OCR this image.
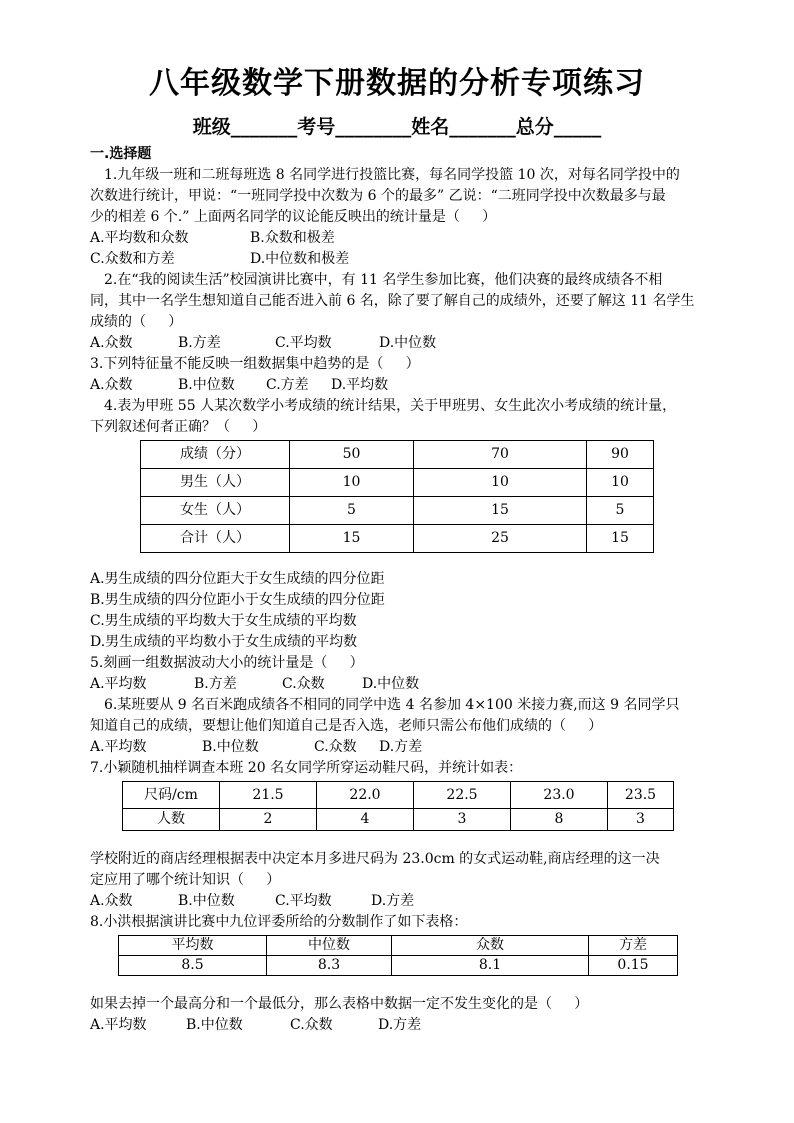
八年级数学下册数据的分析专项练习
班级_______考号________姓名_______总分_____
一.选择题
1.九年级一班和二班每班选 8 名同学进行投篮比赛，每名同学投篮 10 次，对每名同学投中的
次数进行统计，甲说：“一班同学投中次数为 6 个的最多” 乙说：“二班同学投中次数最多与最
少的相差 6 个.” 上面两名同学的议论能反映出的统计量是（     ）
A.平均数和众数	B.众数和极差
C.众数和方差	D.中位数和极差
2.在“我的阅读生活”校园演讲比赛中，有 11 名学生参加比赛，他们决赛的最终成绩各不相
同，其中一名学生想知道自己能否进入前 6 名，除了要了解自己的成绩外，还要了解这 11 名学生
成绩的（     ）
A.众数	B.方差	C.平均数	D.中位数
3.下列特征量不能反映一组数据集中趋势的是（     ）
A.众数	B.中位数	C.方差	D.平均数
4.表为甲班 55 人某次数学小考成绩的统计结果，关于甲班男、女生此次小考成绩的统计量，
下列叙述何者正确？（     ）
成绩（分）	50	70	90
男生（人）	10	10	10
女生（人）	5	15	5
合计（人）	15	25	15
A.男生成绩的四分位距大于女生成绩的四分位距
B.男生成绩的四分位距小于女生成绩的四分位距
C.男生成绩的平均数大于女生成绩的平均数
D.男生成绩的平均数小于女生成绩的平均数
5.刻画一组数据波动大小的统计量是（     ）
A.平均数	B.方差	C.众数	D.中位数
6.某班要从 9 名百米跑成绩各不相同的同学中选 4 名参加 4×100 米接力赛,而这 9 名同学只
知道自己的成绩，要想让他们知道自己是否入选，老师只需公布他们成绩的（     ）
A.平均数	B.中位数	C.众数	D.方差
7.小颖随机抽样调查本班 20 名女同学所穿运动鞋尺码，并统计如表：
尺码/cm	21.5	22.0	22.5	23.0	23.5
人数	2	4	3	8	3
学校附近的商店经理根据表中决定本月多进尺码为 23.0cm 的女式运动鞋,商店经理的这一决
定应用了哪个统计知识（     ）
A.众数	B.中位数	C.平均数	D.方差
8.小洪根据演讲比赛中九位评委所给的分数制作了如下表格：
平均数	中位数	众数	方差
8.5	8.3	8.1	0.15
如果去掉一个最高分和一个最低分，那么表格中数据一定不发生变化的是（     ）
A.平均数	B.中位数	C.众数	D.方差
